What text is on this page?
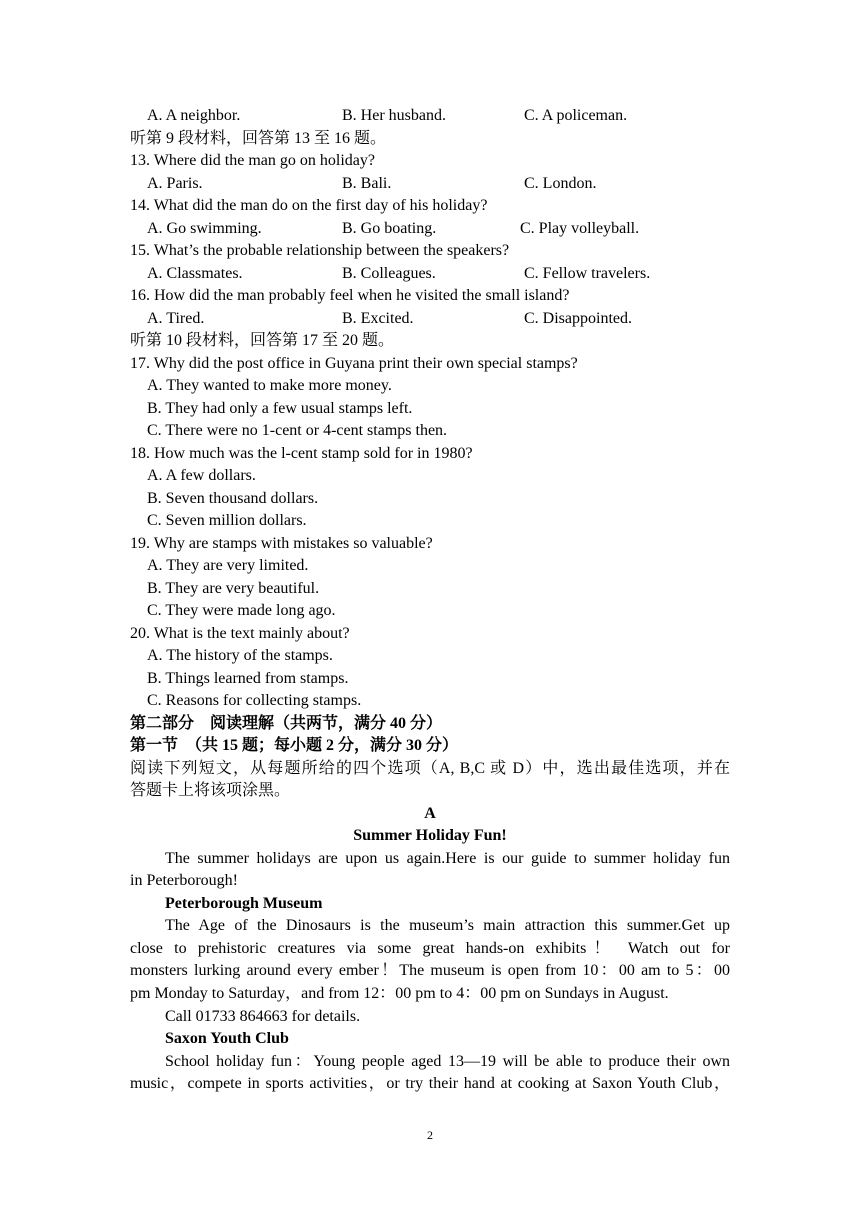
A. A neighbor.	B. Her husband.	C. A policeman.
听第 9 段材料，回答第 13 至 16 题。
13. Where did the man go on holiday?
A. Paris.	B. Bali.	C. London.
14. What did the man do on the first day of his holiday?
A. Go swimming.	B. Go boating.	C. Play volleyball.
15. What’s the probable relationship between the speakers?
A. Classmates.	B. Colleagues.	C. Fellow travelers.
16. How did the man probably feel when he visited the small island?
A. Tired.	B. Excited.	C. Disappointed.
听第 10 段材料，回答第 17 至 20 题。
17. Why did the post office in Guyana print their own special stamps?
A. They wanted to make more money.
B. They had only a few usual stamps left.
C. There were no 1-cent or 4-cent stamps then.
18. How much was the l-cent stamp sold for in 1980?
A. A few dollars.
B. Seven thousand dollars.
C. Seven million dollars.
19. Why are stamps with mistakes so valuable?
A. They are very limited.
B. They are very beautiful.
C. They were made long ago.
20. What is the text mainly about?
A. The history of the stamps.
B. Things learned from stamps.
C. Reasons for collecting stamps.
第二部分　阅读理解（共两节，满分 40 分）
第一节　（共 15 题；每小题 2 分，满分 30 分）
阅读下列短文，从每题所给的四个选项（A, B,C 或 D）中，选出最佳选项，并在
答题卡上将该项涂黑。
A
Summer Holiday Fun!
The summer holidays are upon us again.Here is our guide to summer holiday fun
in Peterborough!
Peterborough Museum
The Age of the Dinosaurs is the museum’s main attraction this summer.Get up
close to prehistoric creatures via some great hands-on exhibits！ Watch out for
monsters lurking around every ember！The museum is open from 10：00 am to 5：00
pm Monday to Saturday，and from 12：00 pm to 4：00 pm on Sundays in August.
Call 01733 864663 for details.
Saxon Youth Club
School holiday fun：Young people aged 13—19 will be able to produce their own
music，compete in sports activities，or try their hand at cooking at Saxon Youth Club，
2
